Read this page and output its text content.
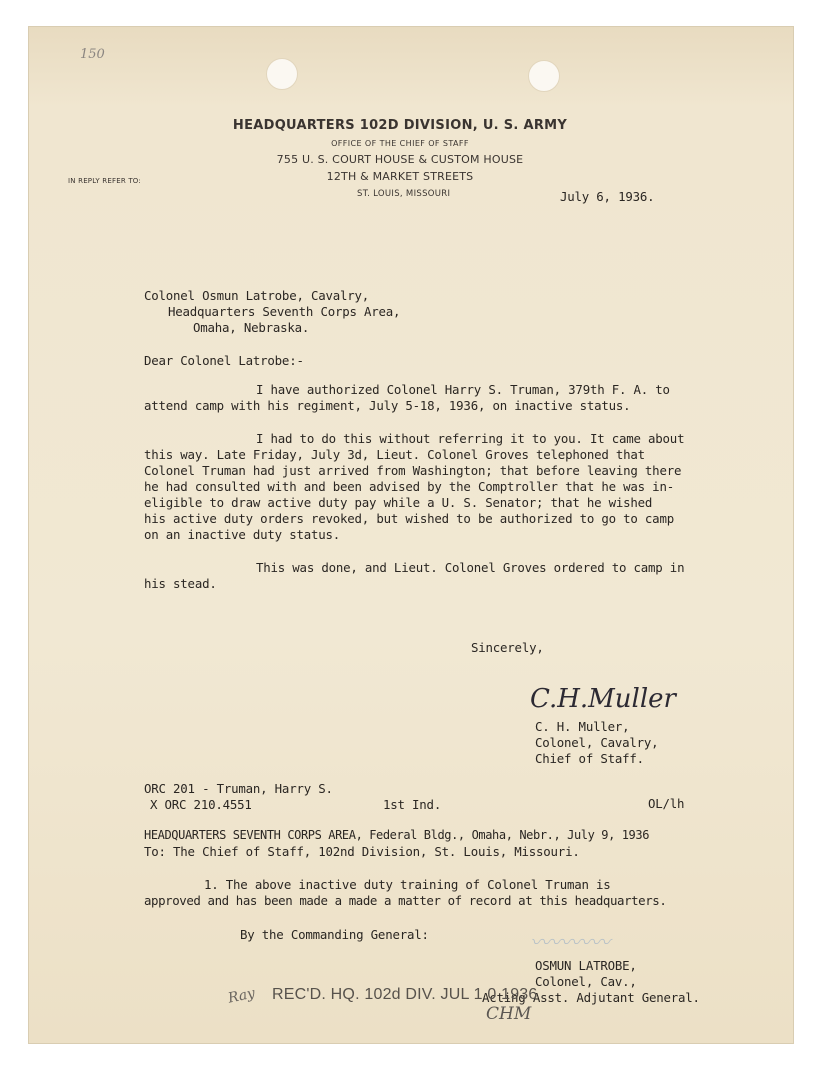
150
HEADQUARTERS 102D DIVISION, U. S. ARMY
OFFICE OF THE CHIEF OF STAFF
755 U. S. COURT HOUSE & CUSTOM HOUSE
12TH & MARKET STREETS
ST. LOUIS, MISSOURI
IN REPLY REFER TO:
July 6, 1936.
Colonel Osmun Latrobe, Cavalry,
Headquarters Seventh Corps Area,
Omaha, Nebraska.
Dear Colonel Latrobe:-
I have authorized Colonel Harry S. Truman, 379th F. A. to
attend camp with his regiment, July 5-18, 1936, on inactive status.
I had to do this without referring it to you. It came about
this way. Late Friday, July 3d, Lieut. Colonel Groves telephoned that
Colonel Truman had just arrived from Washington; that before leaving there
he had consulted with and been advised by the Comptroller that he was in-
eligible to draw active duty pay while a U. S. Senator; that he wished
his active duty orders revoked, but wished to be authorized to go to camp
on an inactive duty status.
This was done, and Lieut. Colonel Groves ordered to camp in
his stead.
Sincerely,
C.H.Muller
C. H. Muller,
Colonel, Cavalry,
Chief of Staff.
ORC 201 - Truman, Harry S.
X ORC 210.4551	1st Ind.	OL/lh
HEADQUARTERS SEVENTH CORPS AREA, Federal Bldg., Omaha, Nebr., July 9, 1936
To: The Chief of Staff, 102nd Division, St. Louis, Missouri.
1. The above inactive duty training of Colonel Truman is
approved and has been made a made a matter of record at this headquarters.
By the Commanding General:	〰〰〰〰
OSMUN LATROBE,
Colonel, Cav.,
Acting Asst. Adjutant General.
Ray REC'D. HQ. 102d DIV. JUL 1 0 1936
CHM
